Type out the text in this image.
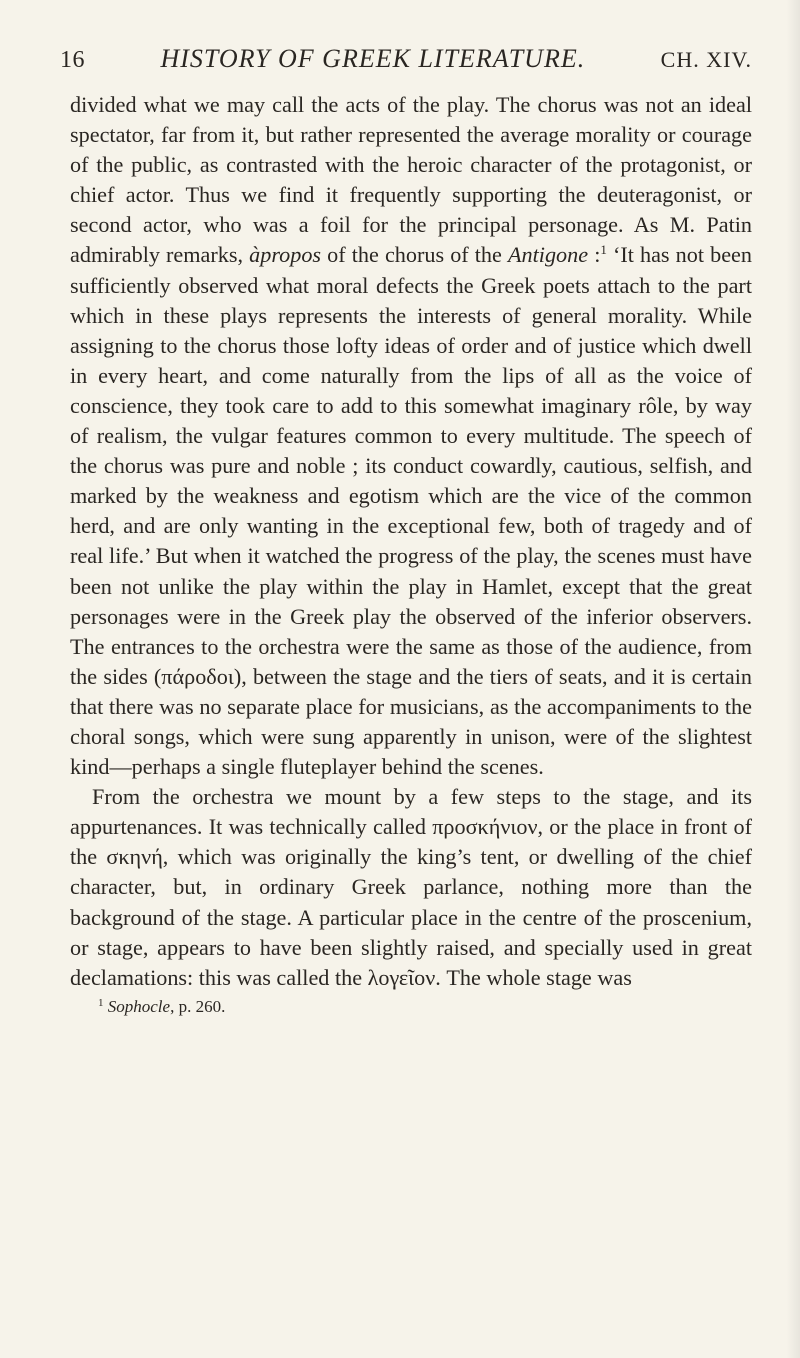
16	HISTORY OF GREEK LITERATURE.	CH. XIV.

divided what we may call the acts of the play. The chorus was not an ideal spectator, far from it, but rather represented the average morality or courage of the public, as contrasted with the heroic character of the protagonist, or chief actor. Thus we find it frequently supporting the deuteragonist, or second actor, who was a foil for the principal personage. As M. Patin admirably remarks, àpropos of the chorus of the Antigone :$^1$ ‘It has not been sufficiently observed what moral defects the Greek poets attach to the part which in these plays represents the interests of general morality. While assigning to the chorus those lofty ideas of order and of justice which dwell in every heart, and come naturally from the lips of all as the voice of conscience, they took care to add to this somewhat imaginary rôle, by way of realism, the vulgar features common to every multitude. The speech of the chorus was pure and noble ; its conduct cowardly, cautious, selfish, and marked by the weakness and egotism which are the vice of the common herd, and are only wanting in the exceptional few, both of tragedy and of real life.’ But when it watched the progress of the play, the scenes must have been not unlike the play within the play in Hamlet, except that the great personages were in the Greek play the observed of the inferior observers. The entrances to the orchestra were the same as those of the audience, from the sides (πάροδοι), between the stage and the tiers of seats, and it is certain that there was no separate place for musicians, as the accompaniments to the choral songs, which were sung apparently in unison, were of the slightest kind—perhaps a single fluteplayer behind the scenes.

From the orchestra we mount by a few steps to the stage, and its appurtenances. It was technically called προσκήνιον, or the place in front of the σκηνή, which was originally the king’s tent, or dwelling of the chief character, but, in ordinary Greek parlance, nothing more than the background of the stage. A particular place in the centre of the proscenium, or stage, appears to have been slightly raised, and specially used in great declamations: this was called the λογεῖον. The whole stage was

$^1$ Sophocle, p. 260.
